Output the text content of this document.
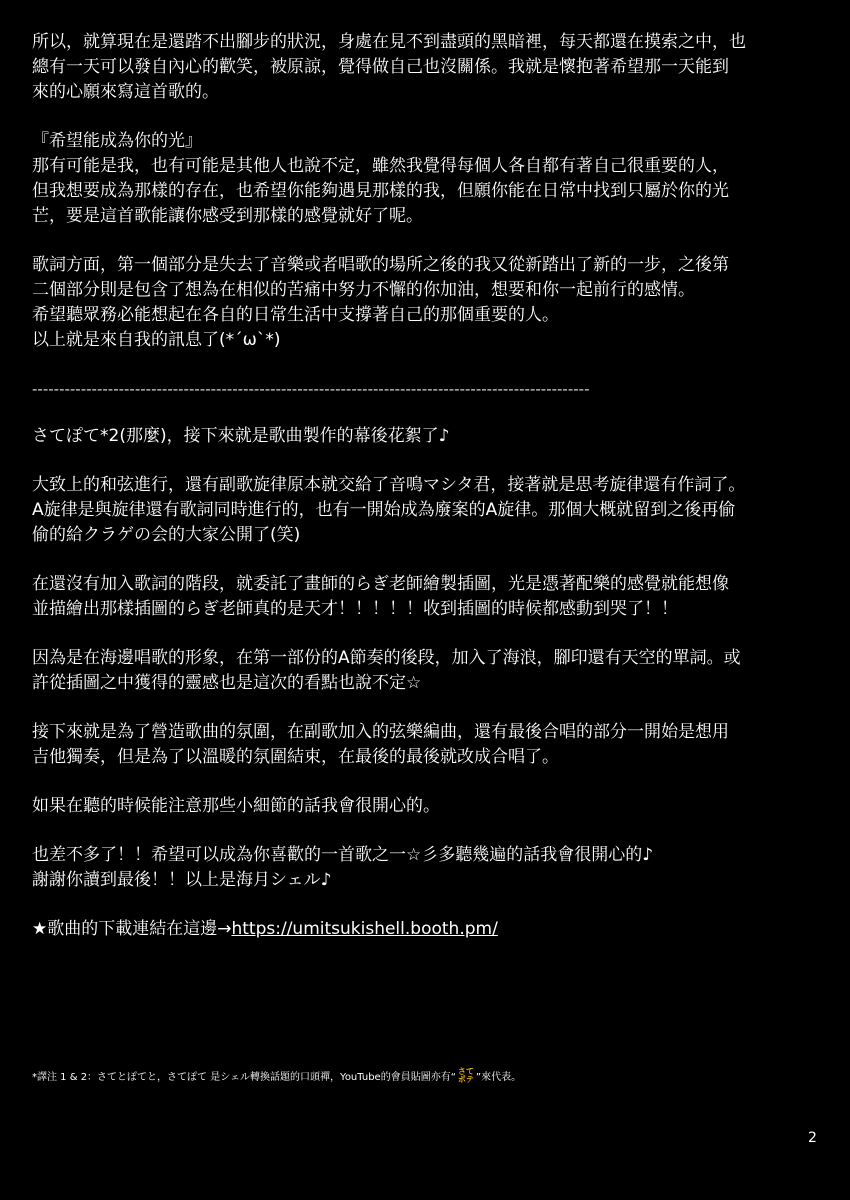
所以，就算現在是還踏不出腳步的狀況，身處在見不到盡頭的黑暗裡，每天都還在摸索之中，也
總有一天可以發自內心的歡笑，被原諒，覺得做自己也沒關係。我就是懷抱著希望那一天能到
來的心願來寫這首歌的。
『希望能成為你的光』
那有可能是我，也有可能是其他人也說不定，雖然我覺得每個人各自都有著自己很重要的人，
但我想要成為那樣的存在，也希望你能夠遇見那樣的我，但願你能在日常中找到只屬於你的光
芒，要是這首歌能讓你感受到那樣的感覺就好了呢。
歌詞方面，第一個部分是失去了音樂或者唱歌的場所之後的我又從新踏出了新的一步，之後第
二個部分則是包含了想為在相似的苦痛中努力不懈的你加油，想要和你一起前行的感情。
希望聽眾務必能想起在各自的日常生活中支撐著自己的那個重要的人。
以上就是來自我的訊息了(*´ω`*)
-------------------------------------------------------------------------------------------------------
さてぽて*2(那麼)，接下來就是歌曲製作的幕後花絮了♪
大致上的和弦進行，還有副歌旋律原本就交給了音鳴マシタ君，接著就是思考旋律還有作詞了。
A旋律是與旋律還有歌詞同時進行的，也有一開始成為廢案的A旋律。那個大概就留到之後再偷
偷的給クラゲの会的大家公開了(笑)
在還沒有加入歌詞的階段，就委託了畫師的らぎ老師繪製插圖，光是憑著配樂的感覺就能想像
並描繪出那樣插圖的らぎ老師真的是天才！！！！！收到插圖的時候都感動到哭了！！
因為是在海邊唱歌的形象，在第一部份的A節奏的後段，加入了海浪，腳印還有天空的單詞。或
許從插圖之中獲得的靈感也是這次的看點也說不定☆
接下來就是為了營造歌曲的氛圍，在副歌加入的弦樂編曲，還有最後合唱的部分一開始是想用
吉他獨奏，但是為了以溫暖的氛圍結束，在最後的最後就改成合唱了。
如果在聽的時候能注意那些小細節的話我會很開心的。
也差不多了！！希望可以成為你喜歡的一首歌之一☆彡多聽幾遍的話我會很開心的♪
謝謝你讀到最後！！以上是海月シェル♪
★歌曲的下載連結在這邊→https://umitsukishell.booth.pm/
*譯注 1 & 2：さてとぽてと，さてぽて 是シェル轉換話題的口頭禪，YouTube的會員貼圖亦有“
さて
ポテ ”來代表。
2
